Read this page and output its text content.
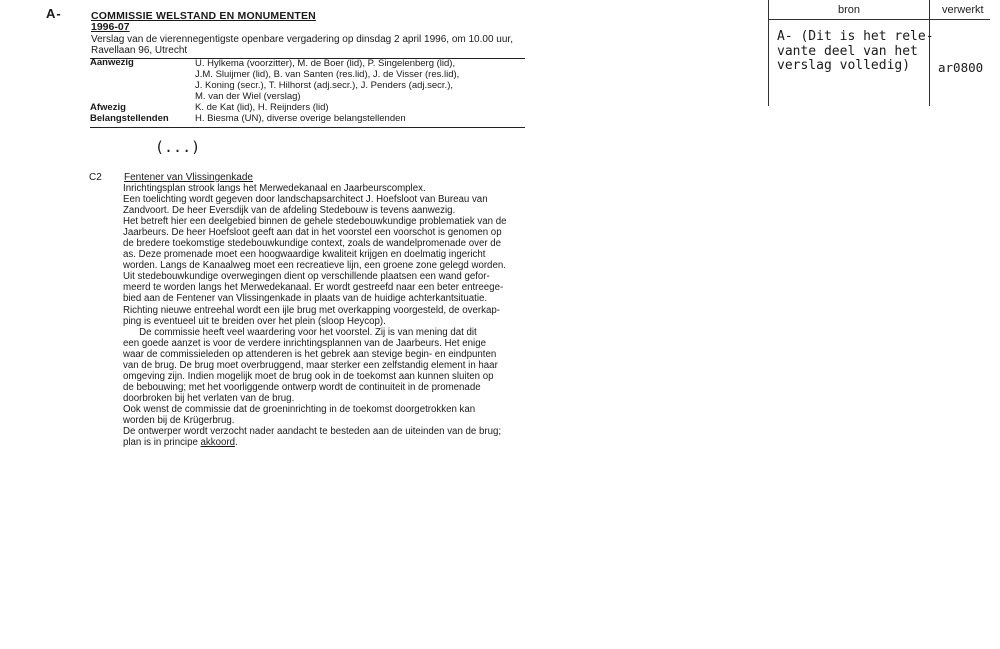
A-	COMMISSIE WELSTAND EN MONUMENTEN
1996-07
Verslag van de vierennegentigste openbare vergadering op dinsdag 2 april 1996, om 10.00 uur,
Ravellaan 96, Utrecht
Aanwezig	U. Hylkema (voorzitter), M. de Boer (lid), P. Singelenberg (lid),
J.M. Sluijmer (lid), B. van Santen (res.lid), J. de Visser (res.lid),
J. Koning (secr.), T. Hilhorst (adj.secr.), J. Penders (adj.secr.),
M. van der Wiel (verslag)
Afwezig	K. de Kat (lid), H. Reijnders (lid)
Belangstellenden	H. Biesma (UN), diverse overige belangstellenden
(...)
C2 Fentener van Vlissingenkade
Inrichtingsplan strook langs het Merwedekanaal en Jaarbeurscomplex.
Een toelichting wordt gegeven door landschapsarchitect J. Hoefsloot van Bureau van
Zandvoort. De heer Eversdijk van de afdeling Stedebouw is tevens aanwezig.
Het betreft hier een deelgebied binnen de gehele stedebouwkundige problematiek van de
Jaarbeurs. De heer Hoefsloot geeft aan dat in het voorstel een voorschot is genomen op
de bredere toekomstige stedebouwkundige context, zoals de wandelpromenade over de
as. Deze promenade moet een hoogwaardige kwaliteit krijgen en doelmatig ingericht
worden. Langs de Kanaalweg moet een recreatieve lijn, een groene zone gelegd worden.
Uit stedebouwkundige overwegingen dient op verschillende plaatsen een wand gefor-
meerd te worden langs het Merwedekanaal. Er wordt gestreefd naar een beter entreege-
bied aan de Fentener van Vlissingenkade in plaats van de huidige achterkantsituatie.
Richting nieuwe entreehal wordt een ijle brug met overkapping voorgesteld, de overkap-
ping is eventueel uit te breiden over het plein (sloop Heycop).
De commissie heeft veel waardering voor het voorstel. Zij is van mening dat dit
een goede aanzet is voor de verdere inrichtingsplannen van de Jaarbeurs. Het enige
waar de commissieleden op attenderen is het gebrek aan stevige begin- en eindpunten
van de brug. De brug moet overbruggend, maar sterker een zelfstandig element in haar
omgeving zijn. Indien mogelijk moet de brug ook in de toekomst aan kunnen sluiten op
de bebouwing; met het voorliggende ontwerp wordt de continuiteit in de promenade
doorbroken bij het verlaten van de brug.
Ook wenst de commissie dat de groeninrichting in de toekomst doorgetrokken kan
worden bij de Krügerbrug.
De ontwerper wordt verzocht nader aandacht te besteden aan de uiteinden van de brug;
plan is in principe akkoord.
bron	verwerkt
A- (Dit is het rele-
vante deel van het
verslag volledig)	ar0800
